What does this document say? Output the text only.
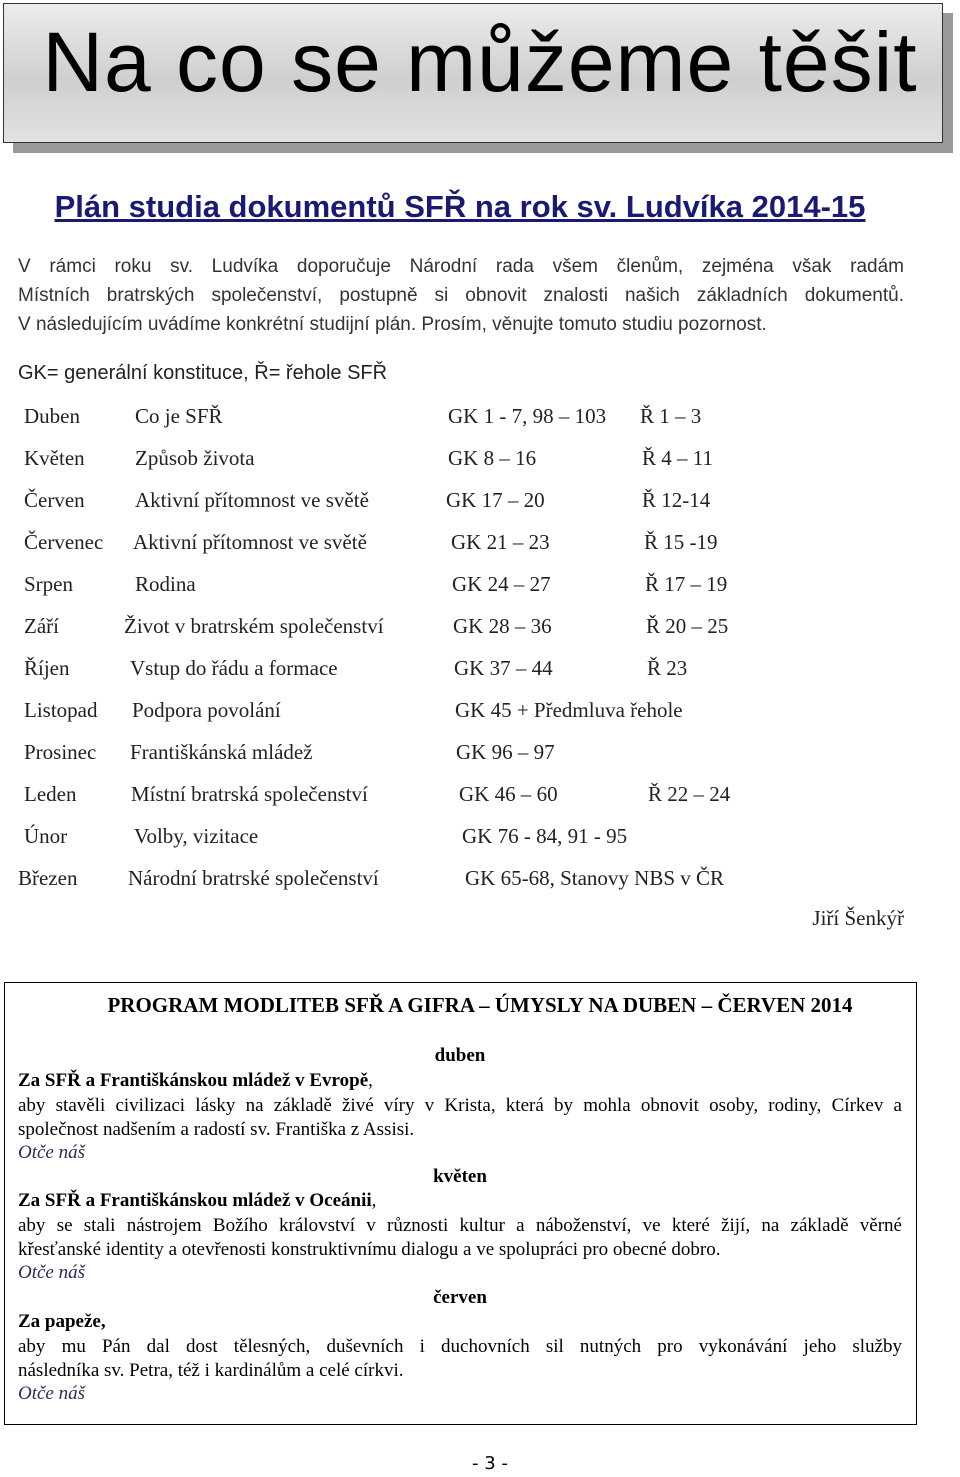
Na co se můžeme těšit
Plán studia dokumentů SFŘ na rok sv. Ludvíka 2014-15
V rámci roku sv. Ludvíka doporučuje Národní rada všem členům, zejména však radám
Místních bratrských společenství, postupně si obnovit znalosti našich základních dokumentů.
V následujícím uvádíme konkrétní studijní plán. Prosím, věnujte tomuto studiu pozornost.
GK= generální konstituce, Ř= řehole SFŘ
Duben	Co je SFŘ	GK 1 - 7, 98 – 103 Ř 1 – 3
Květen Způsob života	GK 8 – 16	Ř 4 – 11
Červen Aktivní přítomnost ve světě	GK 17 – 20	Ř 12-14
Červenec Aktivní přítomnost ve světě	GK 21 – 23	Ř 15 -19
Srpen	Rodina	GK 24 – 27	Ř 17 – 19
Září	Život v bratrském společenství	GK 28 – 36	Ř 20 – 25
Říjen	Vstup do řádu a formace	GK 37 – 44	Ř 23
Listopad Podpora povolání	GK 45 + Předmluva řehole
Prosinec Františkánská mládež	GK 96 – 97
Leden	Místní bratrská společenství	GK 46 – 60	Ř 22 – 24
Únor	Volby, vizitace	GK 76 - 84, 91 - 95
Březen Národní bratrské společenství	GK 65-68, Stanovy NBS v ČR
Jiří Šenkýř
PROGRAM MODLITEB SFŘ A GIFRA – ÚMYSLY NA DUBEN – ČERVEN 2014
duben
Za SFŘ a Františkánskou mládež v Evropě,
aby stavěli civilizaci lásky na základě živé víry v Krista, která by mohla obnovit osoby, rodiny, Církev a
společnost nadšením a radostí sv. Františka z Assisi.
Otče náš
květen
Za SFŘ a Františkánskou mládež v Oceánii,
aby se stali nástrojem Božího království v různosti kultur a náboženství, ve které žijí, na základě věrné
křesťanské identity a otevřenosti konstruktivnímu dialogu a ve spolupráci pro obecné dobro.
Otče náš
červen
Za papeže,
aby mu Pán dal dost tělesných, duševních i duchovních sil nutných pro vykonávání jeho služby
následníka sv. Petra, též i kardinálům a celé církvi.
Otče náš
- 3 -
